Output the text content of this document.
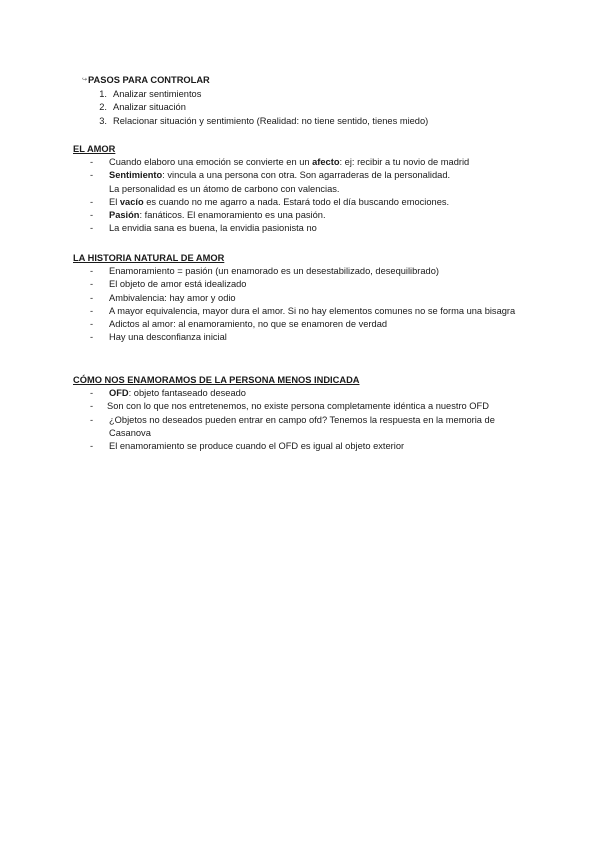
↪PASOS PARA CONTROLAR
1. Analizar sentimientos
2. Analizar situación
3. Relacionar situación y sentimiento (Realidad: no tiene sentido, tienes miedo)
EL AMOR
-	Cuando elaboro una emoción se convierte en un afecto: ej: recibir a tu novio de madrid
-	Sentimiento: vincula a una persona con otra. Son agarraderas de la personalidad.
La personalidad es un átomo de carbono con valencias.
-	El vacío es cuando no me agarro a nada. Estará todo el día buscando emociones.
-	Pasión: fanáticos. El enamoramiento es una pasión.
-	La envidia sana es buena, la envidia pasionista no
LA HISTORIA NATURAL DE AMOR
-	Enamoramiento = pasión (un enamorado es un desestabilizado, desequilibrado)
-	El objeto de amor está idealizado
-	Ambivalencia: hay amor y odio
-	A mayor equivalencia, mayor dura el amor. Si no hay elementos comunes no se forma una bisagra
-	Adictos al amor: al enamoramiento, no que se enamoren de verdad
-	Hay una desconfianza inicial
CÓMO NOS ENAMORAMOS DE LA PERSONA MENOS INDICADA
-	OFD: objeto fantaseado deseado
-	Son con lo que nos entretenemos, no existe persona completamente idéntica a nuestro OFD
-	¿Objetos no deseados pueden entrar en campo ofd? Tenemos la respuesta en la memoria de Casanova
-	El enamoramiento se produce cuando el OFD es igual al objeto exterior
